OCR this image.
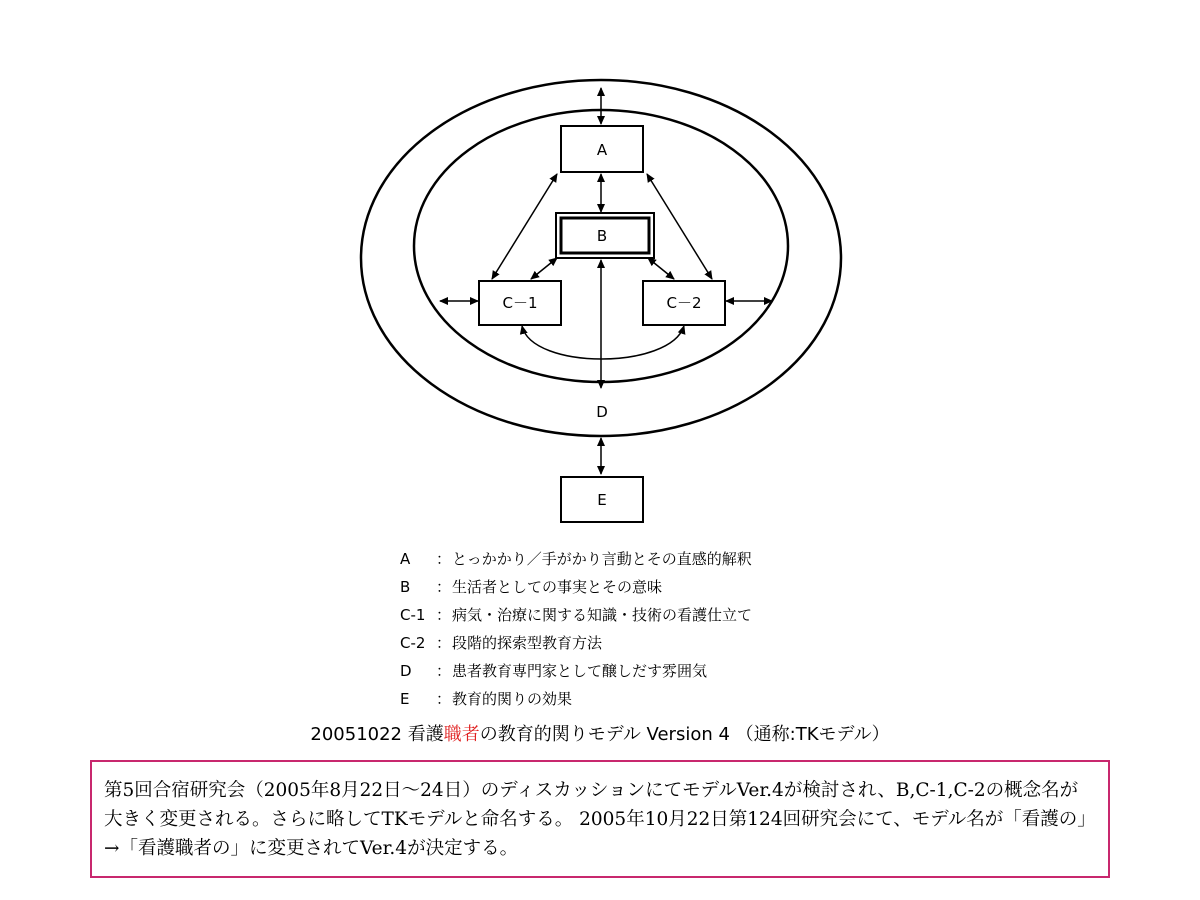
A
B
C－1	C－2
D
E
A ：とっかかり／手がかり言動とその直感的解釈
B ：生活者としての事実とその意味
C-1 ：病気・治療に関する知識・技術の看護仕立て
C-2 ：段階的探索型教育方法
D ：患者教育専門家として醸しだす雰囲気
E ：教育的関りの効果
20051022 看護職者の教育的関りモデル Version 4 （通称:TKモデル）
第5回合宿研究会（2005年8月22日～24日）のディスカッションにてモデルVer.4が検討され、B,C-1,C-2の概念名が大きく変更される。さらに略してTKモデルと命名する。 2005年10月22日第124回研究会にて、モデル名が「看護の」→「看護職者の」に変更されてVer.4が決定する。
